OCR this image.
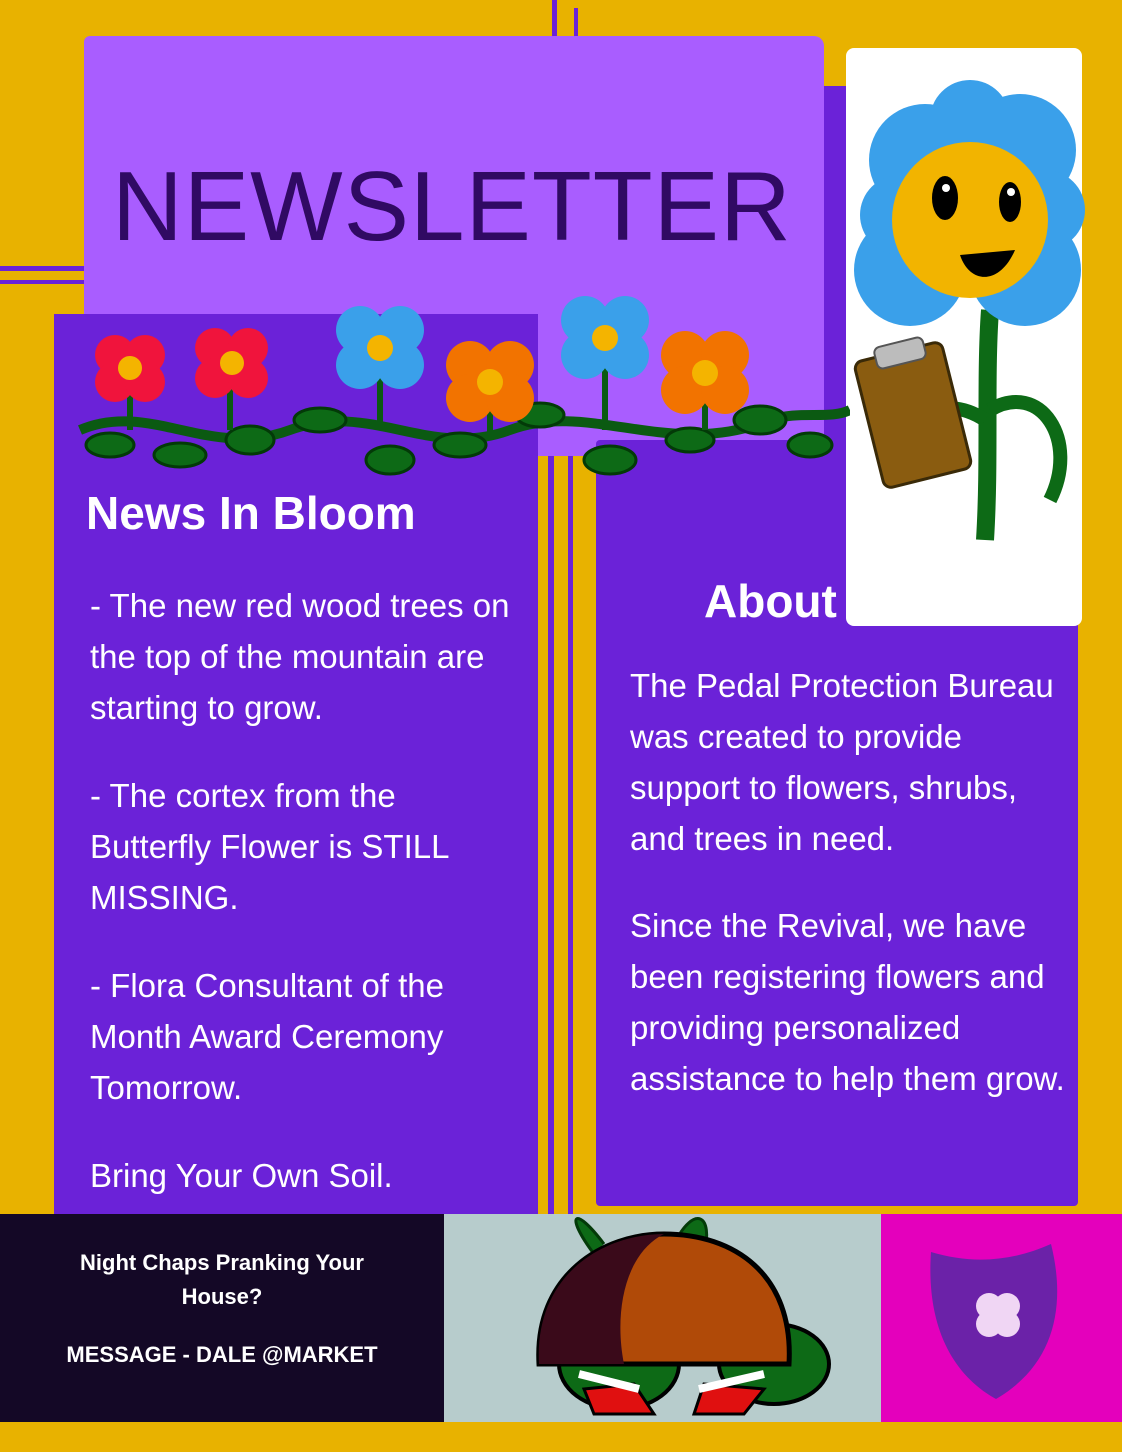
NEWSLETTER
News In Bloom
- The new red wood trees on the top of the mountain are starting to grow.
- The cortex from the Butterfly Flower is STILL MISSING.
- Flora Consultant of the Month Award Ceremony Tomorrow.
Bring Your Own Soil.
About Us.
The Pedal Protection Bureau was created to provide support to flowers, shrubs, and trees in need.
Since the Revival, we have been registering flowers and providing personalized assistance to help them grow.
Night Chaps Pranking Your House?
MESSAGE - DALE @MARKET
